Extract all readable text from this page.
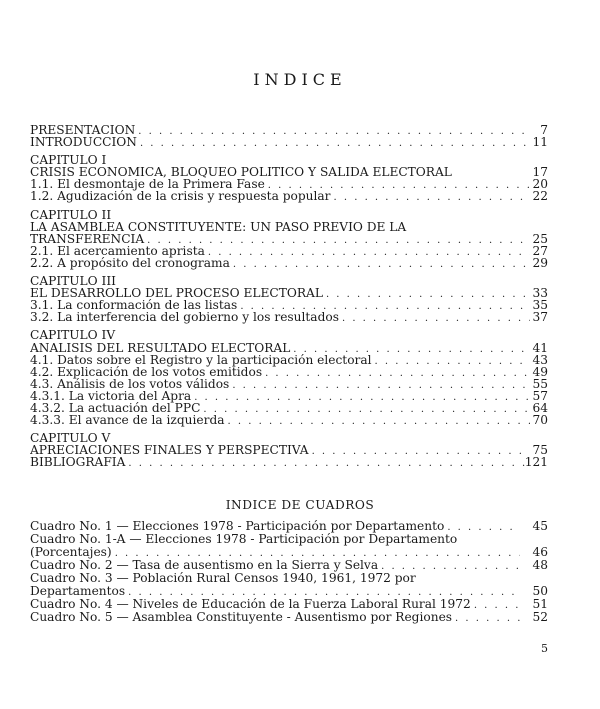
INDICE
PRESENTACION . . .	7
INTRODUCCION . . .	11
CAPITULO I
CRISIS ECONOMICA, BLOQUEO POLITICO Y SALIDA ELECTORAL	17
1.1. El desmontaje de la Primera Fase . . .	20
1.2. Agudización de la crisis y respuesta popular . . .	22
CAPITULO II
LA ASAMBLEA CONSTITUYENTE: UN PASO PREVIO DE LA
TRANSFERENCIA . . .	25
2.1. El acercamiento aprista . . .	27
2.2. A propósito del cronograma . . .	29
CAPITULO III
EL DESARROLLO DEL PROCESO ELECTORAL . . .	33
3.1. La conformación de las listas . . .	35
3.2. La interferencia del gobierno y los resultados . . .	37
CAPITULO IV
ANALISIS DEL RESULTADO ELECTORAL . . .	41
4.1. Datos sobre el Registro y la participación electoral . . .	43
4.2. Explicación de los votos emitidos . . .	49
4.3. Análisis de los votos válidos . . .	55
4.3.1. La victoria del Apra . . .	57
4.3.2. La actuación del PPC . . .	64
4.3.3. El avance de la izquierda . . .	70
CAPITULO V
APRECIACIONES FINALES Y PERSPECTIVA . . .	75
BIBLIOGRAFIA . . .	121
INDICE DE CUADROS
Cuadro No. 1 — Elecciones 1978 - Participación por Departamento . . .	45
Cuadro No. 1-A — Elecciones 1978 - Participación por Departamento
(Porcentajes) . . .	46
Cuadro No. 2 — Tasa de ausentismo en la Sierra y Selva . . .	48
Cuadro No. 3 — Población Rural Censos 1940, 1961, 1972 por
Departamentos . . .	50
Cuadro No. 4 — Niveles de Educación de la Fuerza Laboral Rural 1972 . . .	51
Cuadro No. 5 — Asamblea Constituyente - Ausentismo por Regiones . . .	52
5
